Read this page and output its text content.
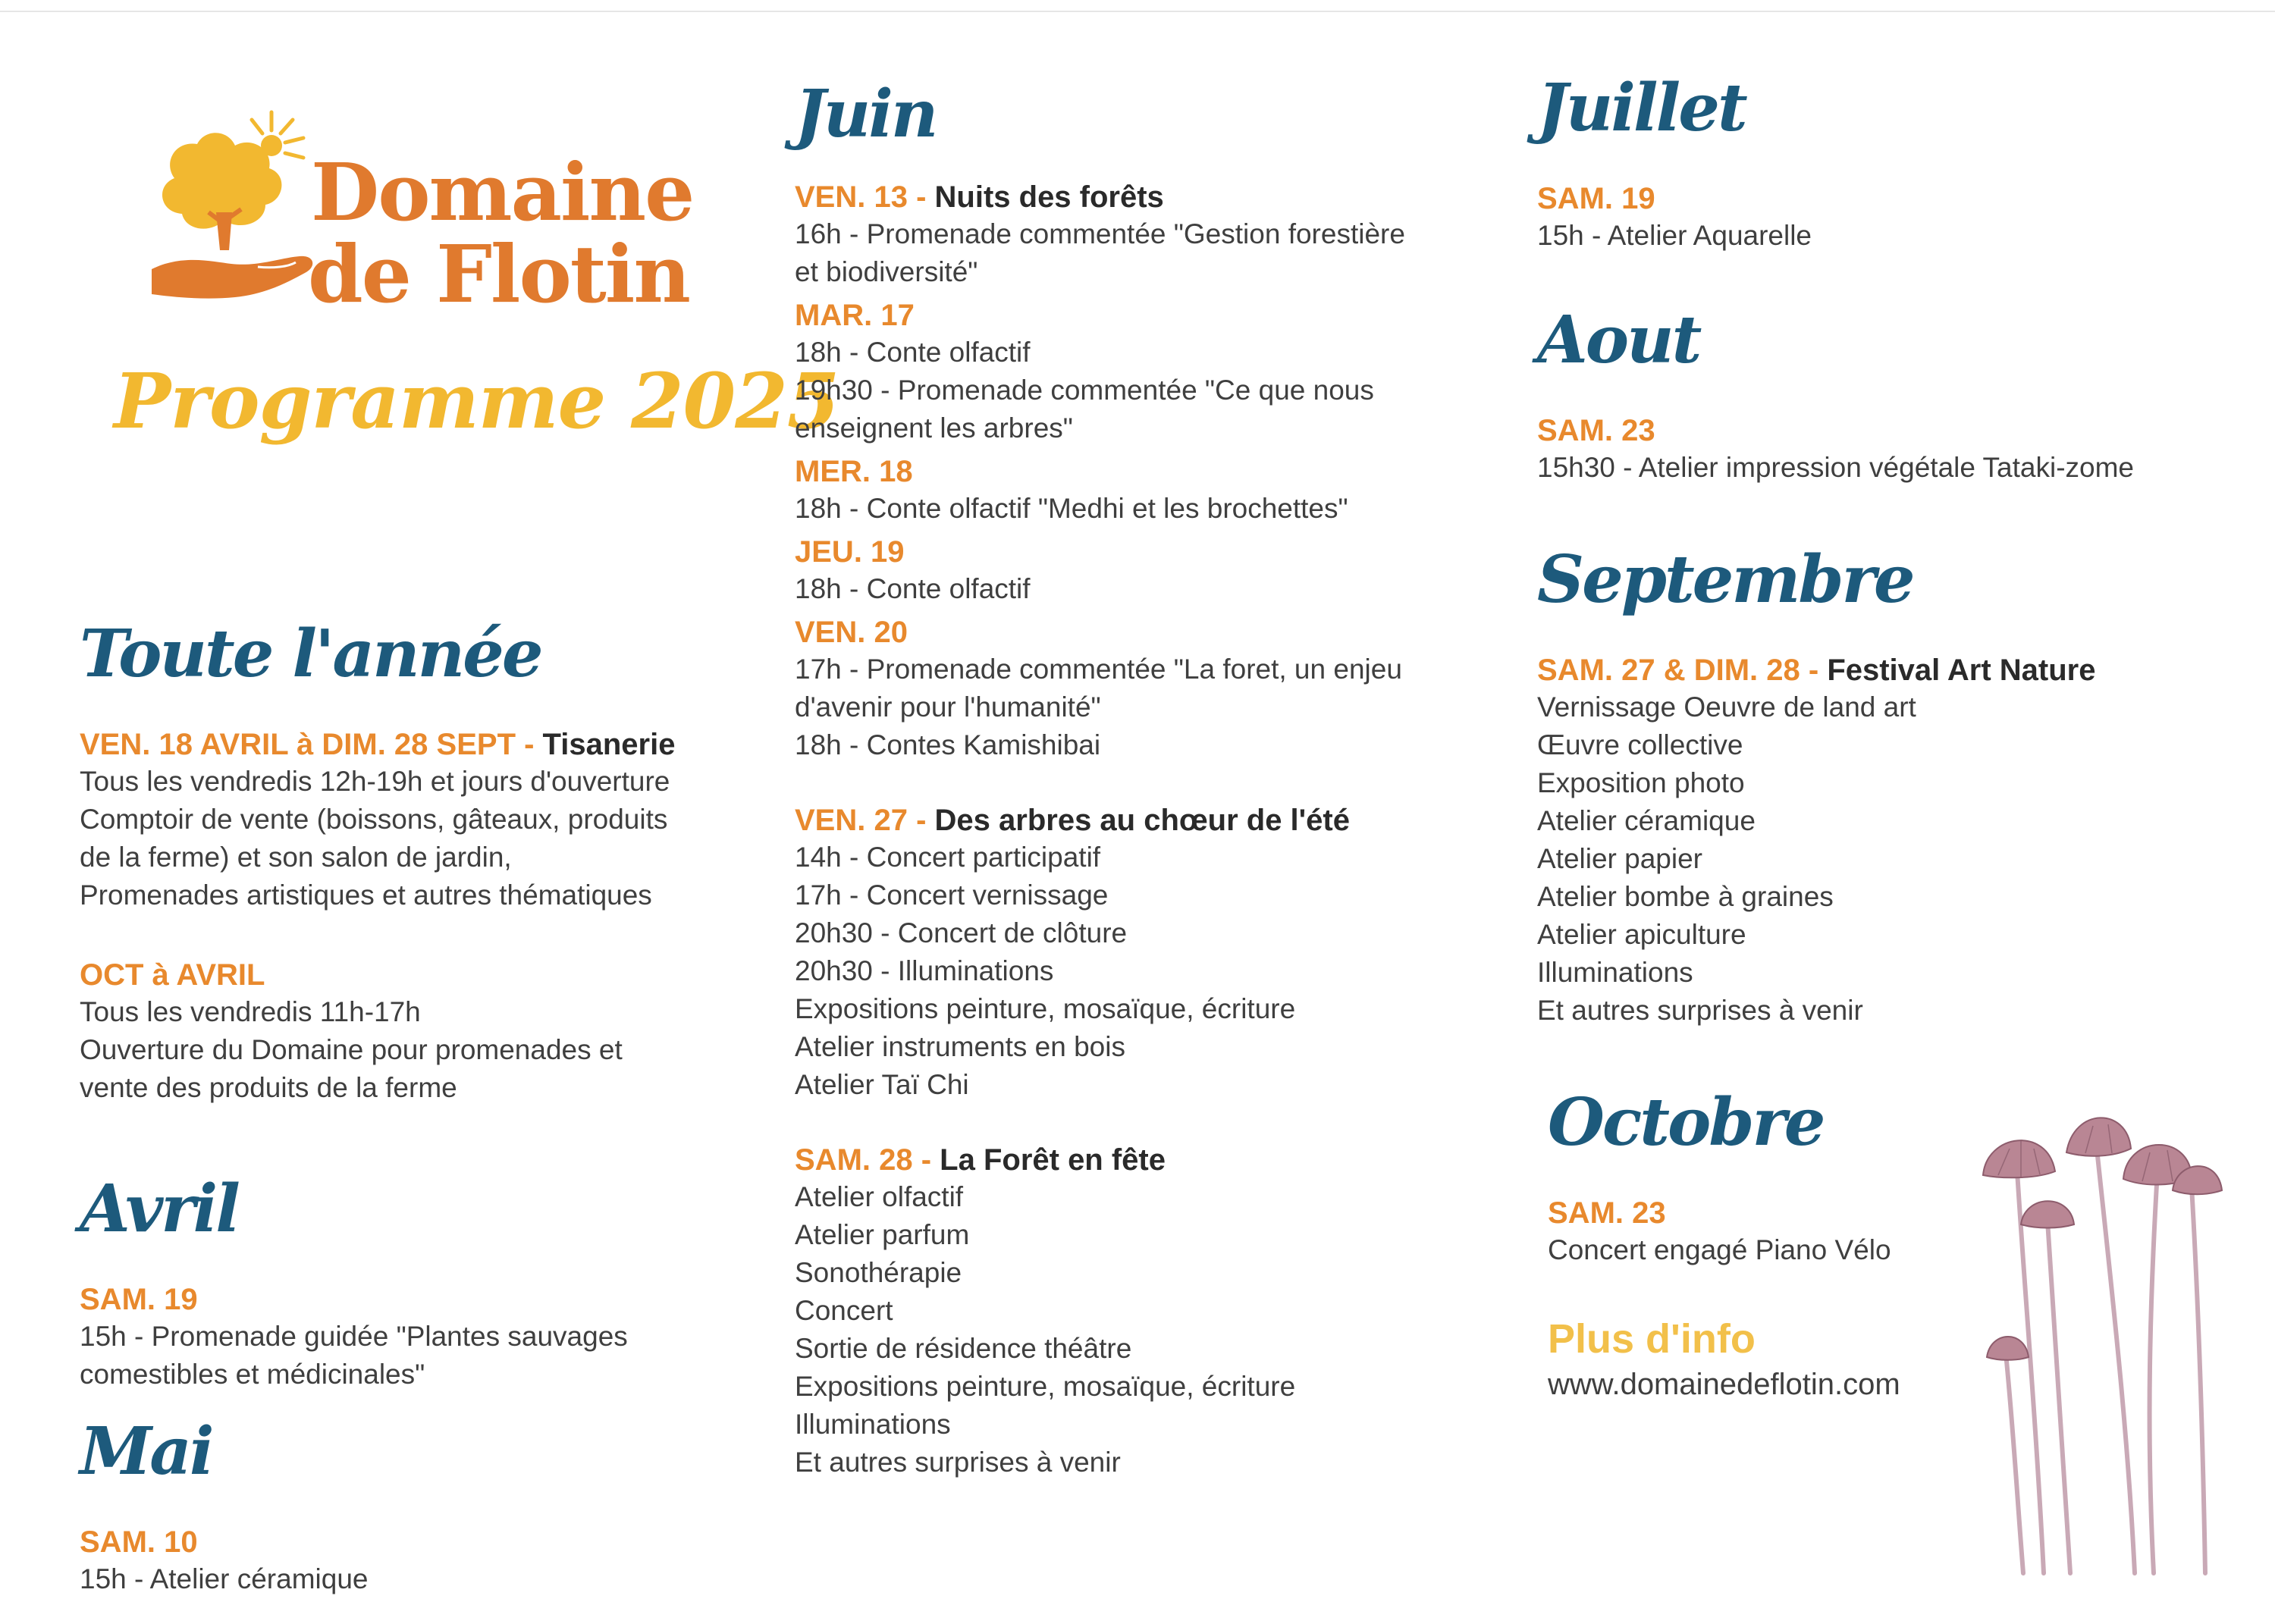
Domaine
de Flotin
Programme 2025
Toute l'année
VEN. 18 AVRIL à DIM. 28 SEPT - Tisanerie
Tous les vendredis 12h-19h et jours d'ouverture
Comptoir de vente (boissons, gâteaux, produits
de la ferme) et son salon de jardin,
Promenades artistiques et autres thématiques
OCT à AVRIL
Tous les vendredis 11h-17h
Ouverture du Domaine pour promenades et
vente des produits de la ferme
Avril
SAM. 19
15h - Promenade guidée "Plantes sauvages
comestibles et médicinales"
Mai
SAM. 10
15h - Atelier céramique
Juin
VEN. 13 - Nuits des forêts
16h - Promenade commentée "Gestion forestière
et biodiversité"
MAR. 17
18h - Conte olfactif
19h30 - Promenade commentée "Ce que nous
enseignent les arbres"
MER. 18
18h - Conte olfactif "Medhi et les brochettes"
JEU. 19
18h - Conte olfactif
VEN. 20
17h - Promenade commentée "La foret, un enjeu
d'avenir pour l'humanité"
18h - Contes Kamishibai
VEN. 27 - Des arbres au chœur de l'été
14h - Concert participatif
17h - Concert vernissage
20h30 - Concert de clôture
20h30 - Illuminations
Expositions peinture, mosaïque, écriture
Atelier instruments en bois
Atelier Taï Chi
SAM. 28 - La Forêt en fête
Atelier olfactif
Atelier parfum
Sonothérapie
Concert
Sortie de résidence théâtre
Expositions peinture, mosaïque, écriture
Illuminations
Et autres surprises à venir
Juillet
SAM. 19
15h - Atelier Aquarelle
Aout
SAM. 23
15h30 - Atelier impression végétale Tataki-zome
Septembre
SAM. 27 & DIM. 28 - Festival Art Nature
Vernissage Oeuvre de land art
Œuvre collective
Exposition photo
Atelier céramique
Atelier papier
Atelier bombe à graines
Atelier apiculture
Illuminations
Et autres surprises à venir
Octobre
SAM. 23
Concert engagé Piano Vélo
Plus d'info
www.domainedeflotin.com
